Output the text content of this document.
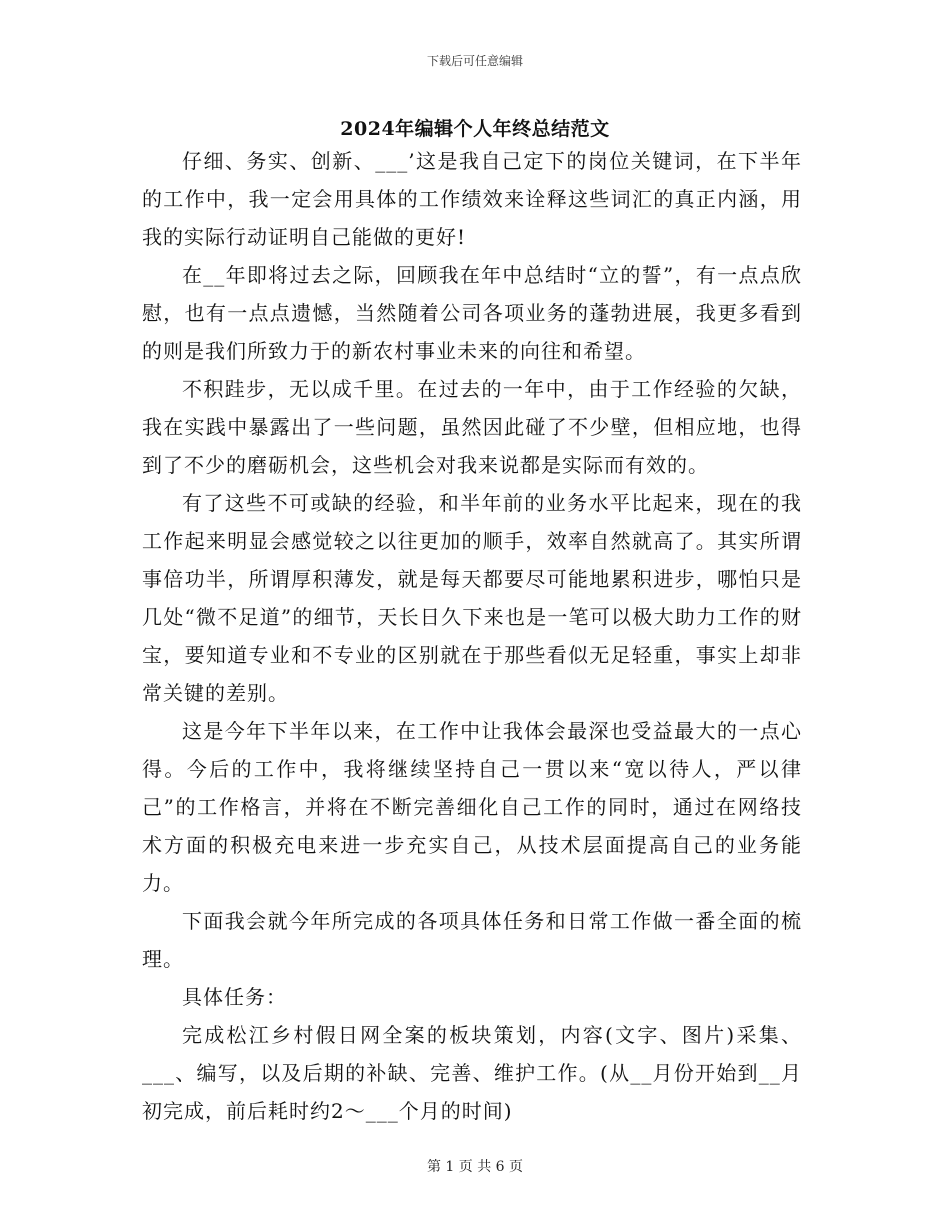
下载后可任意编辑
2024年编辑个人年终总结范文

仔细、务实、创新、___’这是我自己定下的岗位关键词，在下半年的工作中，我一定会用具体的工作绩效来诠释这些词汇的真正内涵，用我的实际行动证明自己能做的更好!

在__年即将过去之际，回顾我在年中总结时“立的誓”，有一点点欣慰，也有一点点遗憾，当然随着公司各项业务的蓬勃进展，我更多看到的则是我们所致力于的新农村事业未来的向往和希望。

不积跬步，无以成千里。在过去的一年中，由于工作经验的欠缺，我在实践中暴露出了一些问题，虽然因此碰了不少壁，但相应地，也得到了不少的磨砺机会，这些机会对我来说都是实际而有效的。

有了这些不可或缺的经验，和半年前的业务水平比起来，现在的我工作起来明显会感觉较之以往更加的顺手，效率自然就高了。其实所谓事倍功半，所谓厚积薄发，就是每天都要尽可能地累积进步，哪怕只是几处“微不足道”的细节，天长日久下来也是一笔可以极大助力工作的财宝，要知道专业和不专业的区别就在于那些看似无足轻重，事实上却非常关键的差别。

这是今年下半年以来，在工作中让我体会最深也受益最大的一点心得。今后的工作中，我将继续坚持自己一贯以来“宽以待人，严以律己”的工作格言，并将在不断完善细化自己工作的同时，通过在网络技术方面的积极充电来进一步充实自己，从技术层面提高自己的业务能力。

下面我会就今年所完成的各项具体任务和日常工作做一番全面的梳理。

具体任务：

完成松江乡村假日网全案的板块策划，内容(文字、图片)采集、___、编写，以及后期的补缺、完善、维护工作。(从__月份开始到__月初完成，前后耗时约2～___个月的时间)

第 1 页 共 6 页
